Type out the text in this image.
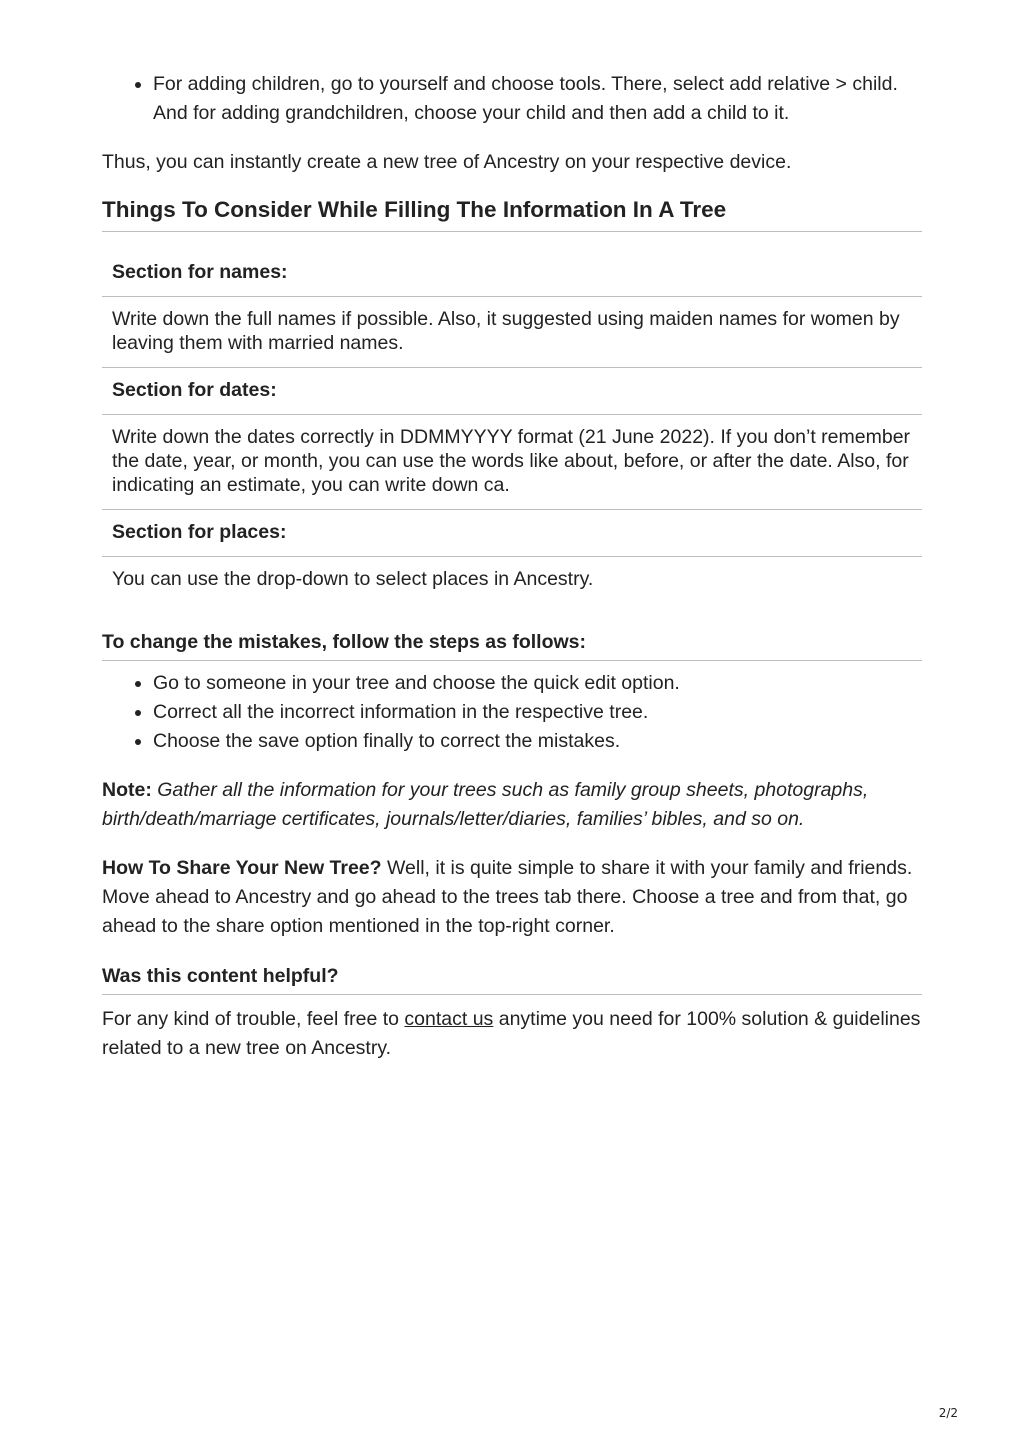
• For adding children, go to yourself and choose tools. There, select add relative > child. And for adding grandchildren, choose your child and then add a child to it.

Thus, you can instantly create a new tree of Ancestry on your respective device.

Things To Consider While Filling The Information In A Tree
Section for names:
Write down the full names if possible. Also, it suggested using maiden names for women by leaving them with married names.
Section for dates:
Write down the dates correctly in DDMMYYYY format (21 June 2022). If you don’t remember the date, year, or month, you can use the words like about, before, or after the date. Also, for indicating an estimate, you can write down ca.
Section for places:
You can use the drop-down to select places in Ancestry.
To change the mistakes, follow the steps as follows:
• Go to someone in your tree and choose the quick edit option.
• Correct all the incorrect information in the respective tree.
• Choose the save option finally to correct the mistakes.

Note: Gather all the information for your trees such as family group sheets, photographs, birth/death/marriage certificates, journals/letter/diaries, families’ bibles, and so on.

How To Share Your New Tree? Well, it is quite simple to share it with your family and friends. Move ahead to Ancestry and go ahead to the trees tab there. Choose a tree and from that, go ahead to the share option mentioned in the top-right corner.

Was this content helpful?

For any kind of trouble, feel free to contact us anytime you need for 100% solution & guidelines related to a new tree on Ancestry.

2/2
